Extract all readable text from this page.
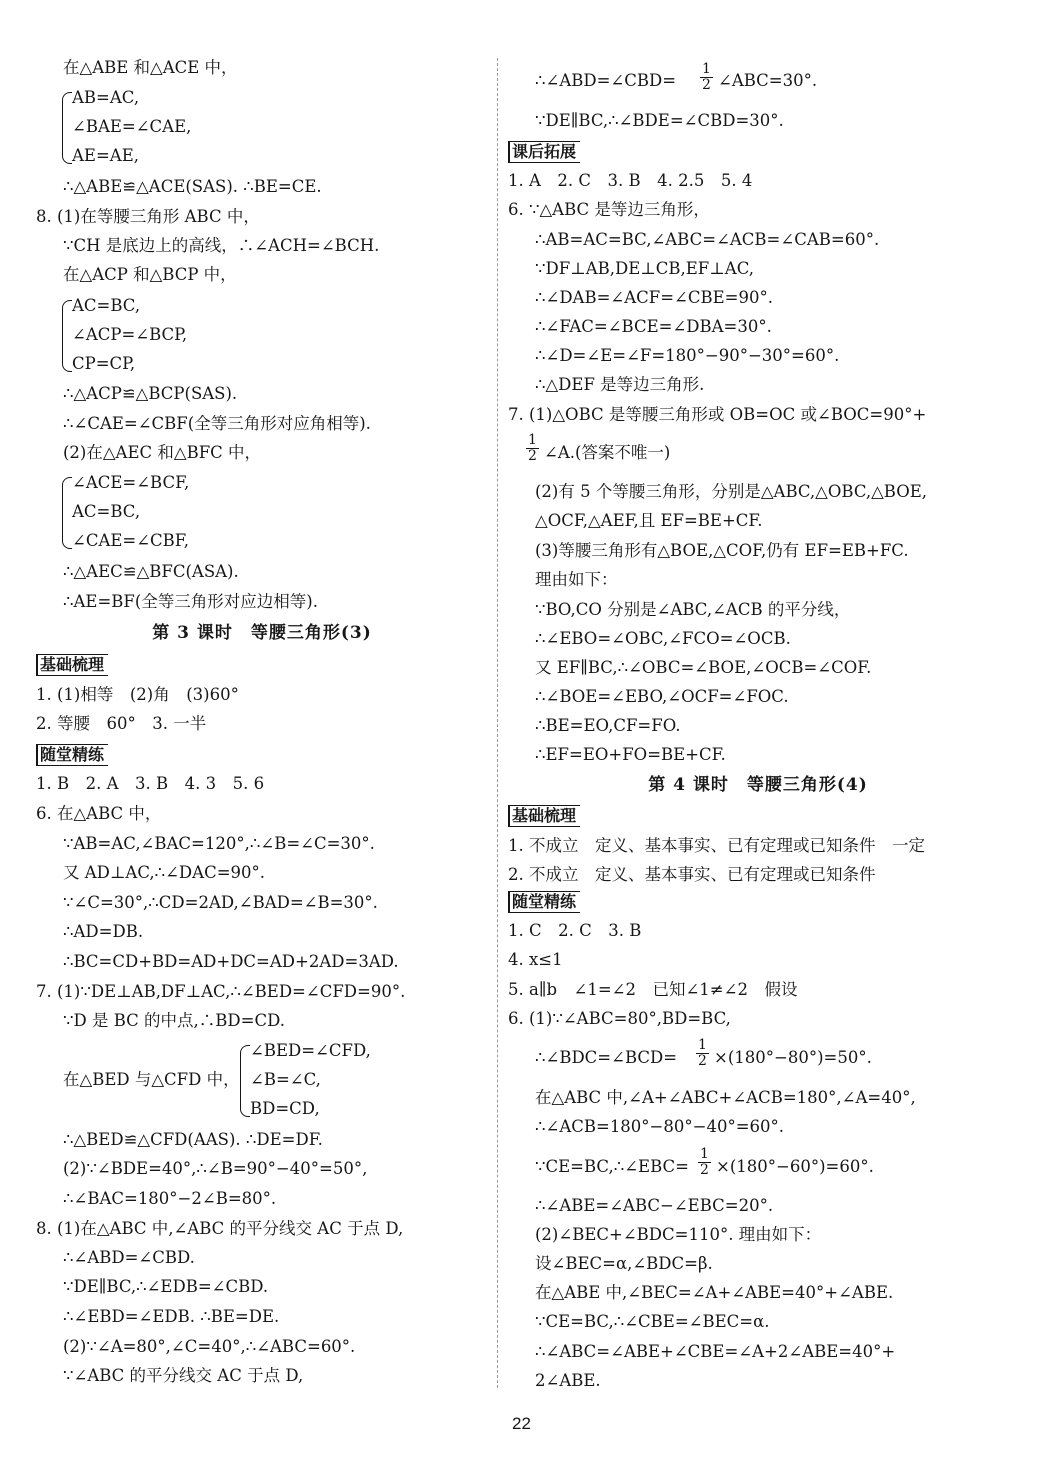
在△ABE 和△ACE 中，
AB=AC,
∠BAE=∠CAE,
AE=AE,
∴△ABE≌△ACE(SAS). ∴BE=CE.
8. (1)在等腰三角形 ABC 中，
∵CH 是底边上的高线，∴∠ACH=∠BCH.
在△ACP 和△BCP 中，
AC=BC,
∠ACP=∠BCP,
CP=CP,
∴△ACP≌△BCP(SAS).
∴∠CAE=∠CBF(全等三角形对应角相等).
(2)在△AEC 和△BFC 中，
∠ACE=∠BCF,
AC=BC,
∠CAE=∠CBF,
∴△AEC≌△BFC(ASA).
∴AE=BF(全等三角形对应边相等).
第 3 课时　等腰三角形(3)
基础梳理
1. (1)相等　(2)角　(3)60°
2. 等腰　60°　3. 一半
随堂精练
1. B　2. A　3. B　4. 3　5. 6
6. 在△ABC 中，
∵AB=AC,∠BAC=120°,∴∠B=∠C=30°.
又 AD⊥AC,∴∠DAC=90°.
∵∠C=30°,∴CD=2AD,∠BAD=∠B=30°.
∴AD=DB.
∴BC=CD+BD=AD+DC=AD+2AD=3AD.
7. (1)∵DE⊥AB,DF⊥AC,∴∠BED=∠CFD=90°.
∵D 是 BC 的中点,∴BD=CD.
∠BED=∠CFD,
在△BED 与△CFD 中， ∠B=∠C,
BD=CD,
∴△BED≌△CFD(AAS). ∴DE=DF.
(2)∵∠BDE=40°,∴∠B=90°−40°=50°,
∴∠BAC=180°−2∠B=80°.
8. (1)在△ABC 中,∠ABC 的平分线交 AC 于点 D,
∴∠ABD=∠CBD.
∵DE∥BC,∴∠EDB=∠CBD.
∴∠EBD=∠EDB. ∴BE=DE.
(2)∵∠A=80°,∠C=40°,∴∠ABC=60°.
∵∠ABC 的平分线交 AC 于点 D,
∴∠ABD=∠CBD= $\frac{1}{2}$ ∠ABC=30°.
∵DE∥BC,∴∠BDE=∠CBD=30°.
课后拓展
1. A　2. C　3. B　4. 2.5　5. 4
6. ∵△ABC 是等边三角形，
∴AB=AC=BC,∠ABC=∠ACB=∠CAB=60°.
∵DF⊥AB,DE⊥CB,EF⊥AC,
∴∠DAB=∠ACF=∠CBE=90°.
∴∠FAC=∠BCE=∠DBA=30°.
∴∠D=∠E=∠F=180°−90°−30°=60°.
∴△DEF 是等边三角形.
7. (1)△OBC 是等腰三角形或 OB=OC 或∠BOC=90°+
$\frac{1}{2}$ ∠A.(答案不唯一)
(2)有 5 个等腰三角形，分别是△ABC,△OBC,△BOE,
△OCF,△AEF,且 EF=BE+CF.
(3)等腰三角形有△BOE,△COF,仍有 EF=EB+FC.
理由如下：
∵BO,CO 分别是∠ABC,∠ACB 的平分线，
∴∠EBO=∠OBC,∠FCO=∠OCB.
又 EF∥BC,∴∠OBC=∠BOE,∠OCB=∠COF.
∴∠BOE=∠EBO,∠OCF=∠FOC.
∴BE=EO,CF=FO.
∴EF=EO+FO=BE+CF.
第 4 课时　等腰三角形(4)
基础梳理
1. 不成立　定义、基本事实、已有定理或已知条件　一定
2. 不成立　定义、基本事实、已有定理或已知条件
随堂精练
1. C　2. C　3. B
4. x≤1
5. a∥b　∠1=∠2　已知∠1≠∠2　假设
6. (1)∵∠ABC=80°,BD=BC,
∴∠BDC=∠BCD= $\frac{1}{2} \times(180^\circ-80^\circ)=50^\circ$.
在△ABC 中,∠A+∠ABC+∠ACB=180°,∠A=40°,
∴∠ACB=180°−80°−40°=60°.
∵CE=BC,∴∠EBC= $\frac{1}{2} \times(180^\circ-60^\circ)=60^\circ$.
∴∠ABE=∠ABC−∠EBC=20°.
(2)∠BEC+∠BDC=110°. 理由如下：
设∠BEC=α,∠BDC=β.
在△ABE 中,∠BEC=∠A+∠ABE=40°+∠ABE.
∵CE=BC,∴∠CBE=∠BEC=α.
∴∠ABC=∠ABE+∠CBE=∠A+2∠ABE=40°+
2∠ABE.
22
